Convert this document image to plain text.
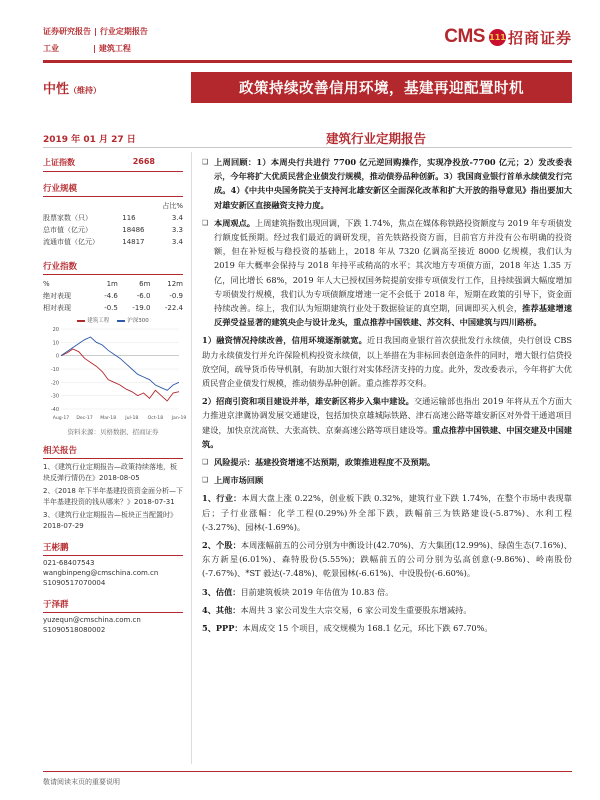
证券研究报告 | 行业定期报告
工业	| 建筑工程
CMS 111 招商证券
中性（维持）	政策持续改善信用环境，基建再迎配置时机
2019 年 01 月 27 日	建筑行业定期报告
上证指数	2668
行业规模
		占比%
股票家数（只）	116	3.4
总市值（亿元）	18486	3.3
流通市值（亿元）	14817	3.4
行业指数
%	1m	6m	12m
绝对表现	-4.6	-6.0	-0.9
相对表现	-0.5	-19.0	-22.4
建筑工程	沪深300
20
10
0
-10
-20
-30
-40
Aug-17 Dec-17 Mar-18 Jul-18 Oct-18 Jan-19
资料来源：贝格数据、招商证券
相关报告
1、《建筑行业定期报告—政策持续落地，板块反弹行情仍在》2018-08-05
2、《2018 年下半年基建投资资金面分析—下半年基建投资的钱从哪来？》2018-07-31
3、《建筑行业定期报告—板块正当配置时》2018-07-29
王彬鹏
021-68407543
wangbinpeng@cmschina.com.cn
S1090517070004
于泽群
yuzequn@cmschina.com.cn
S1090518080002
❑ 上周回顾：1）本周央行共进行 7700 亿元逆回购操作，实现净投放-7700 亿元；2）发改委表示，今年将扩大优质民营企业债发行规模，推动债券品种创新。3）我国商业银行首单永续债发行完成。4）《中共中央国务院关于支持河北雄安新区全面深化改革和扩大开放的指导意见》指出要加大对雄安新区直接融资支持力度。
❑ 本周观点。上周建筑指数出现回调，下跌 1.74%，焦点在媒体称铁路投资额度与 2019 年专项债发行额度低预期。经过我们最近的调研发现，首先铁路投资方面，目前官方并没有公布明确的投资额，但在补短板与稳投资的基础上，2018 年从 7320 亿调高至接近 8000 亿规模，我们认为 2019 年大概率会保持与 2018 年持平或稍高的水平；其次地方专项债方面，2018 年达 1.35 万亿，同比增长 68%，2019 年人大已授权国务院提前安排专项债发行工作，且持续强调大幅度增加专项债发行规模，我们认为专项债额度增速一定不会低于 2018 年，短期在政策的引导下，资金面持续改善。综上，我们认为短期建筑行业处于数据验证的真空期，回调即买入机会，推荐基建增速反弹受益显著的建筑央企与设计龙头，重点推荐中国铁建、苏交科、中国建筑与四川路桥。
1）融资情况持续改善，信用环境逐渐就宽。近日我国商业银行首次获批发行永续债，央行创设 CBS 助力永续债发行并允许保险机构投资永续债，以上举措在为非标回表创造条件的同时，增大银行信贷投放空间，疏导货币传导机制，有助加大银行对实体经济支持的力度。此外，发改委表示，今年将扩大优质民营企业债发行规模，推动债券品种创新。重点推荐苏交科。
2）招商引资和项目建设并举，雄安新区将步入集中建设。交通运输部也指出 2019 年将从五个方面大力推进京津冀协调发展交通建设，包括加快京雄城际铁路、津石高速公路等雄安新区对外骨干通道项目建设，加快京沈高铁、大张高铁、京秦高速公路等项目建设等。重点推荐中国铁建、中国交建及中国建筑。
❑ 风险提示：基建投资增速不达预期，政策推进程度不及预期。
❑ 上周市场回顾
1、行业：本周大盘上涨 0.22%，创业板下跌 0.32%，建筑行业下跌 1.74%，在整个市场中表现靠后；子行业涨幅：化学工程(0.29%)外全部下跌，跌幅前三为铁路建设(-5.87%)、水利工程(-3.27%)、园林(-1.69%)。
2、个股：本周涨幅前五的公司分别为中衡设计(42.70%)、方大集团(12.99%)、绿茵生态(7.16%)、东方新星(6.01%)、森特股份(5.55%)；跌幅前五的公司分别为弘高创意(-9.86%)、岭南股份(-7.67%)、*ST 毅达(-7.48%)、乾景园林(-6.61%)、中设股份(-6.60%)。
3、估值：目前建筑板块 2019 年估值为 10.83 倍。
4、其他：本周共 3 家公司发生大宗交易，6 家公司发生重要股东增减持。
5、PPP：本周成交 15 个项目，成交规模为 168.1 亿元，环比下跌 67.70%。
敬请阅读末页的重要说明
